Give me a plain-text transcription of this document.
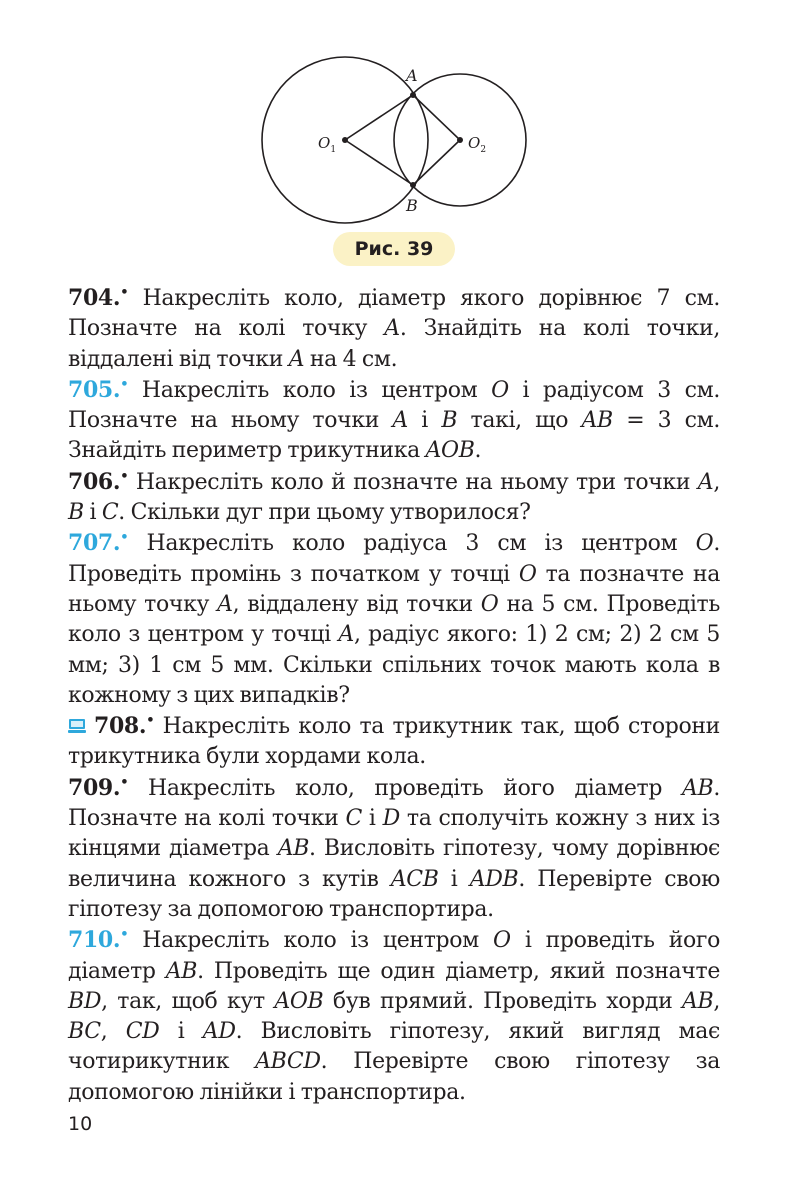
A
B
$O_1$	$O_2$
Рис. 39

704.• Накресліть коло, діаметр якого дорівнює 7 см. Позначте на колі точку A. Знайдіть на колі точки, віддалені від точки A на 4 см.

705.• Накресліть коло із центром O і радіусом 3 см. Позначте на ньому точки A і B такі, що AB = 3 см. Знайдіть периметр трикутника AOB.

706.• Накресліть коло й позначте на ньому три точки A, B і C. Скільки дуг при цьому утворилося?

707.• Накресліть коло радіуса 3 см із центром O. Проведіть промінь з початком у точці O та позначте на ньому точку A, віддалену від точки O на 5 см. Проведіть коло з центром у точці A, радіус якого: 1) 2 см; 2) 2 см 5 мм; 3) 1 см 5 мм. Скільки спільних точок мають кола в кожному з цих випадків?

708.• Накресліть коло та трикутник так, щоб сторони трикутника були хордами кола.

709.• Накресліть коло, проведіть його діаметр AB. Позначте на колі точки C і D та сполучіть кожну з них із кінцями діаметра AB. Висловіть гіпотезу, чому дорівнює величина кожного з кутів ACB і ADB. Перевірте свою гіпотезу за допомогою транспортира.

710.• Накресліть коло із центром O і проведіть його діаметр AB. Проведіть ще один діаметр, який позначте BD, так, щоб кут AOB був прямий. Проведіть хорди AB, BC, CD і AD. Висловіть гіпотезу, який вигляд має чотирикутник ABCD. Перевірте свою гіпотезу за допомогою лінійки і транспортира.

10
